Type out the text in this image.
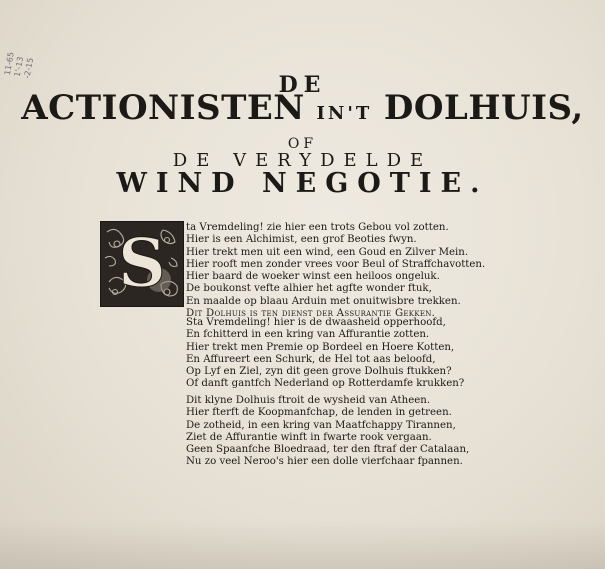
11-65
1'-13
-2-15
DE
ACTIONISTEN IN'T DOLHUIS,
OF
DE VERYDELDE
WIND NEGOTIE.
S ta Vremdeling! zie hier een trots Gebou vol zotten.
Hier is een Alchimist, een grof Beoties fwyn.
Hier trekt men uit een wind, een Goud en Zilver Mein.
Hier rooft men zonder vrees voor Beul of Straffchavotten.
Hier baard de woeker winst een heiloos ongeluk.
De boukonst vefte alhier het agfte wonder ftuk,
En maalde op blaau Arduin met onuitwisbre trekken.
Dit Dolhuis is ten dienst der Assurantie Gekken.
Sta Vremdeling! hier is de dwaasheid opperhoofd,
En fchitterd in een kring van Affurantie zotten.
Hier trekt men Premie op Bordeel en Hoere Kotten,
En Affureert een Schurk, de Hel tot aas beloofd,
Op Lyf en Ziel, zyn dit geen grove Dolhuis ftukken?
Of danft gantfch Nederland op Rotterdamfe krukken?
Dit klyne Dolhuis ftroit de wysheid van Atheen.
Hier fterft de Koopmanfchap, de lenden in getreen.
De zotheid, in een kring van Maatfchappy Tirannen,
Ziet de Affurantie winft in fwarte rook vergaan.
Geen Spaanfche Bloedraad, ter den ftraf der Catalaan,
Nu zo veel Neroo's hier een dolle vierfchaar fpannen.
